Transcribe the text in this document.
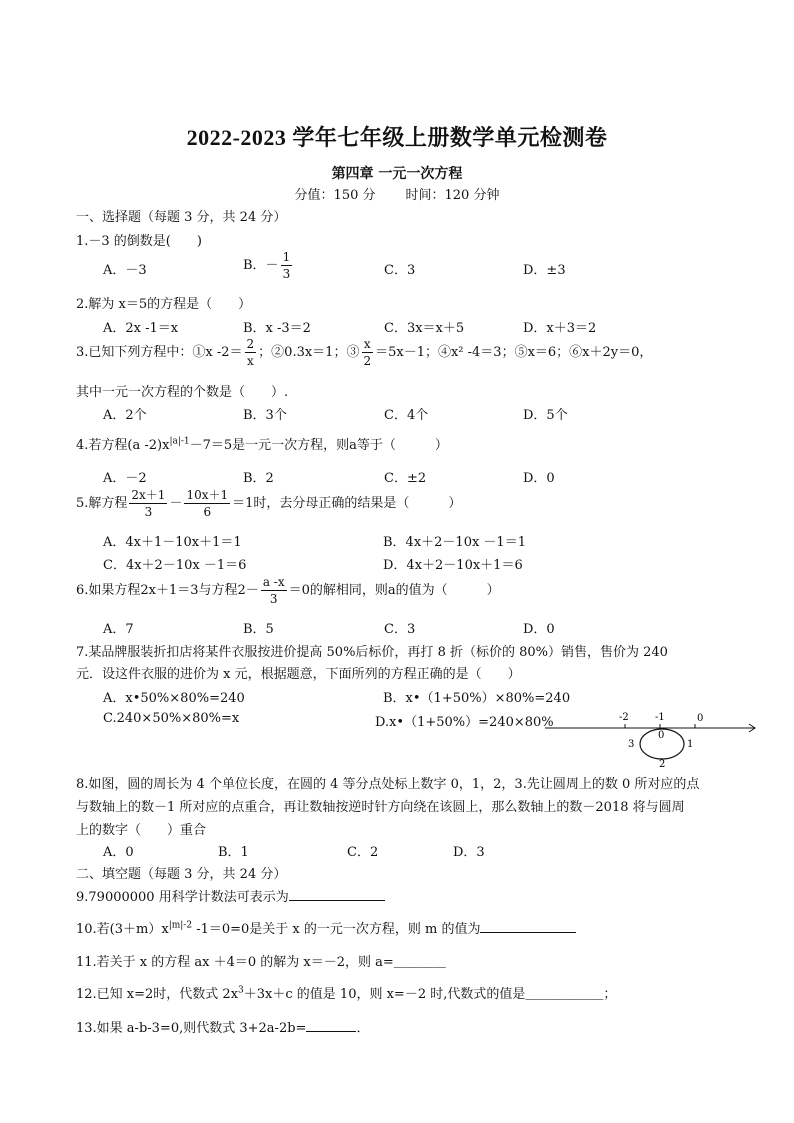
2022-2023 学年七年级上册数学单元检测卷
第四章 一元一次方程
分值：150 分 时间：120 分钟
一、选择题（每题 3 分，共 24 分）
1.－3 的倒数是(　　)
A．－3	B．－ $\frac{1}{3}$	C．3	D．±3
2.解为 x＝5的方程是（　　）
A．2x -1＝x	B．x -3＝2	C．3x＝x＋5	D．x＋3＝2
3.已知下列方程中：①x $-2= \frac{2}{x}$ ；②0.3x＝1；③ $\frac{x}{2} =5x-1$；④x² -4＝3；⑤x＝6；⑥x＋2y＝0，
其中一元一次方程的个数是（　　）.
A．2个	B．3个	C．4个	D．5个
4.若方程(a $-2)x^{|a|-1}-7=5$是一元一次方程，则a等于（　　　）
A．－2	B．2	C．±2	D．0
5.解方程 $\frac{2x+1}{3} - \frac{10x+1}{6} =1$时，去分母正确的结果是（　　　）
A．4x＋1－10x＋1＝1	B．4x＋2－10x －1＝1
C．4x＋2－10x －1＝6	D．4x＋2－10x＋1＝6
6.如果方程2x＋1＝3与方程$2- \frac{a -x}{3} =0$的解相同，则a的值为（　　　）
A．7	B．5	C．3	D．0
7.某品牌服装折扣店将某件衣服按进价提高 50%后标价，再打 8 折（标价的 80%）销售，售价为 240
元．设这件衣服的进价为 x 元，根据题意，下面所列的方程正确的是（　　）
A．x•50%×80%=240	B．x•（1+50%）×80%=240
C.240×50%×80%=x	D.x•（1+50%）=240×80%	-2	-1	0
0
1
2
3
8.如图，圆的周长为 4 个单位长度，在圆的 4 等分点处标上数字 0，1，2，3.先让圆周上的数 0 所对应的点
与数轴上的数－1 所对应的点重合，再让数轴按逆时针方向绕在该圆上，那么数轴上的数－2018 将与圆周
上的数字（　　）重合
A．0	B．1	C．2	D．3
二、填空题（每题 3 分，共 24 分）
9.79000000 用科学计数法可表示为
10.若$(3+m)x^{|m|-2}$ -1＝0=0是关于 x 的一元一次方程，则 m 的值为
11.若关于 x 的方程 ax ＋4＝0 的解为 x＝－2，则 a=＿＿＿＿
12.已知 x=2时，代数式 $2x^3+3x+c$ 的值是 10，则 x=－2 时,代数式的值是＿＿＿＿＿＿；
13.如果 a-b-3=0,则代数式 3+2a-2b=	．
